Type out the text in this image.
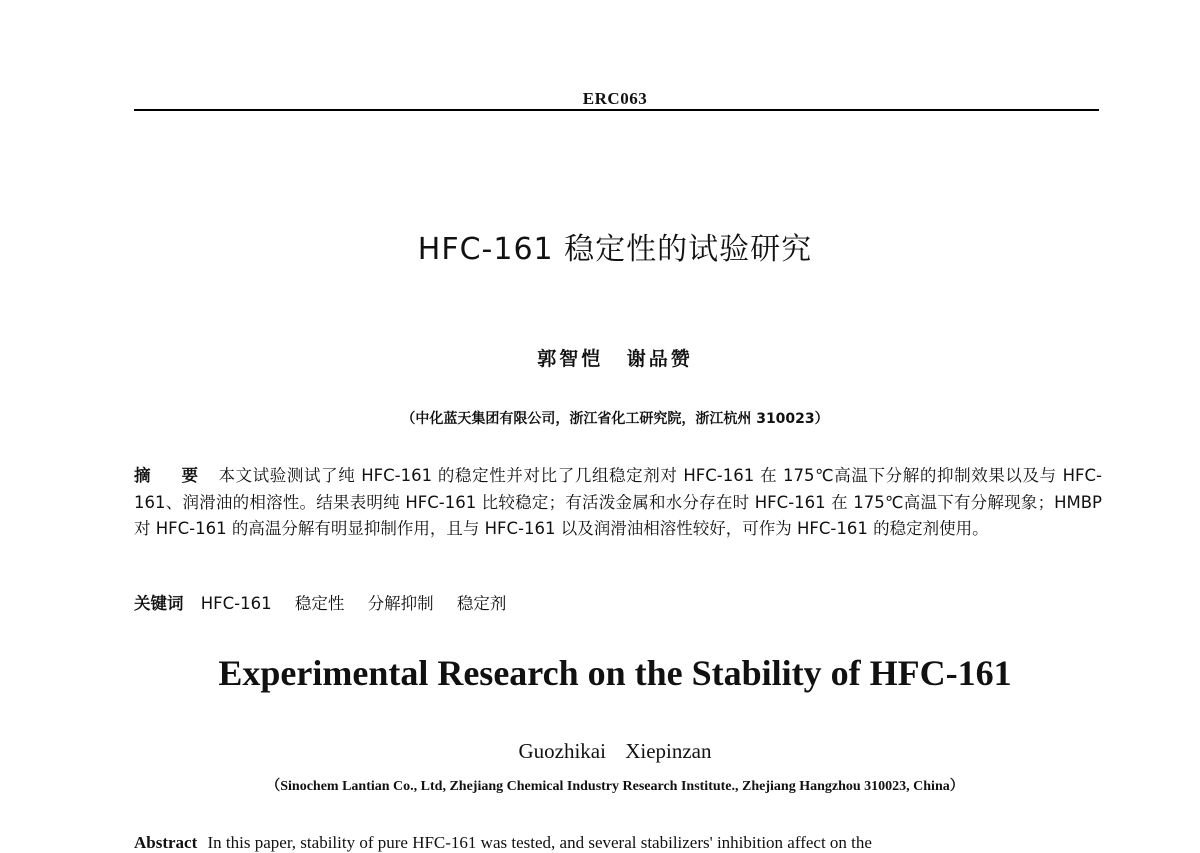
ERC063
HFC-161 稳定性的试验研究
郭智恺 谢品赞
（中化蓝天集团有限公司，浙江省化工研究院，浙江杭州 310023）
摘 要 本文试验测试了纯 HFC-161 的稳定性并对比了几组稳定剂对 HFC-161 在 175℃高温下分解的抑制效果以及与 HFC-161、润滑油的相溶性。结果表明纯 HFC-161 比较稳定；有活泼金属和水分存在时 HFC-161 在 175℃高温下有分解现象；HMBP 对 HFC-161 的高温分解有明显抑制作用，且与 HFC-161 以及润滑油相溶性较好，可作为 HFC-161 的稳定剂使用。
关键词 HFC-161 稳定性 分解抑制 稳定剂
Experimental Research on the Stability of HFC-161
Guozhikai Xiepinzan
（Sinochem Lantian Co., Ltd, Zhejiang Chemical Industry Research Institute., Zhejiang Hangzhou 310023, China）
Abstract In this paper, stability of pure HFC-161 was tested, and several stabilizers' inhibition affect on the
